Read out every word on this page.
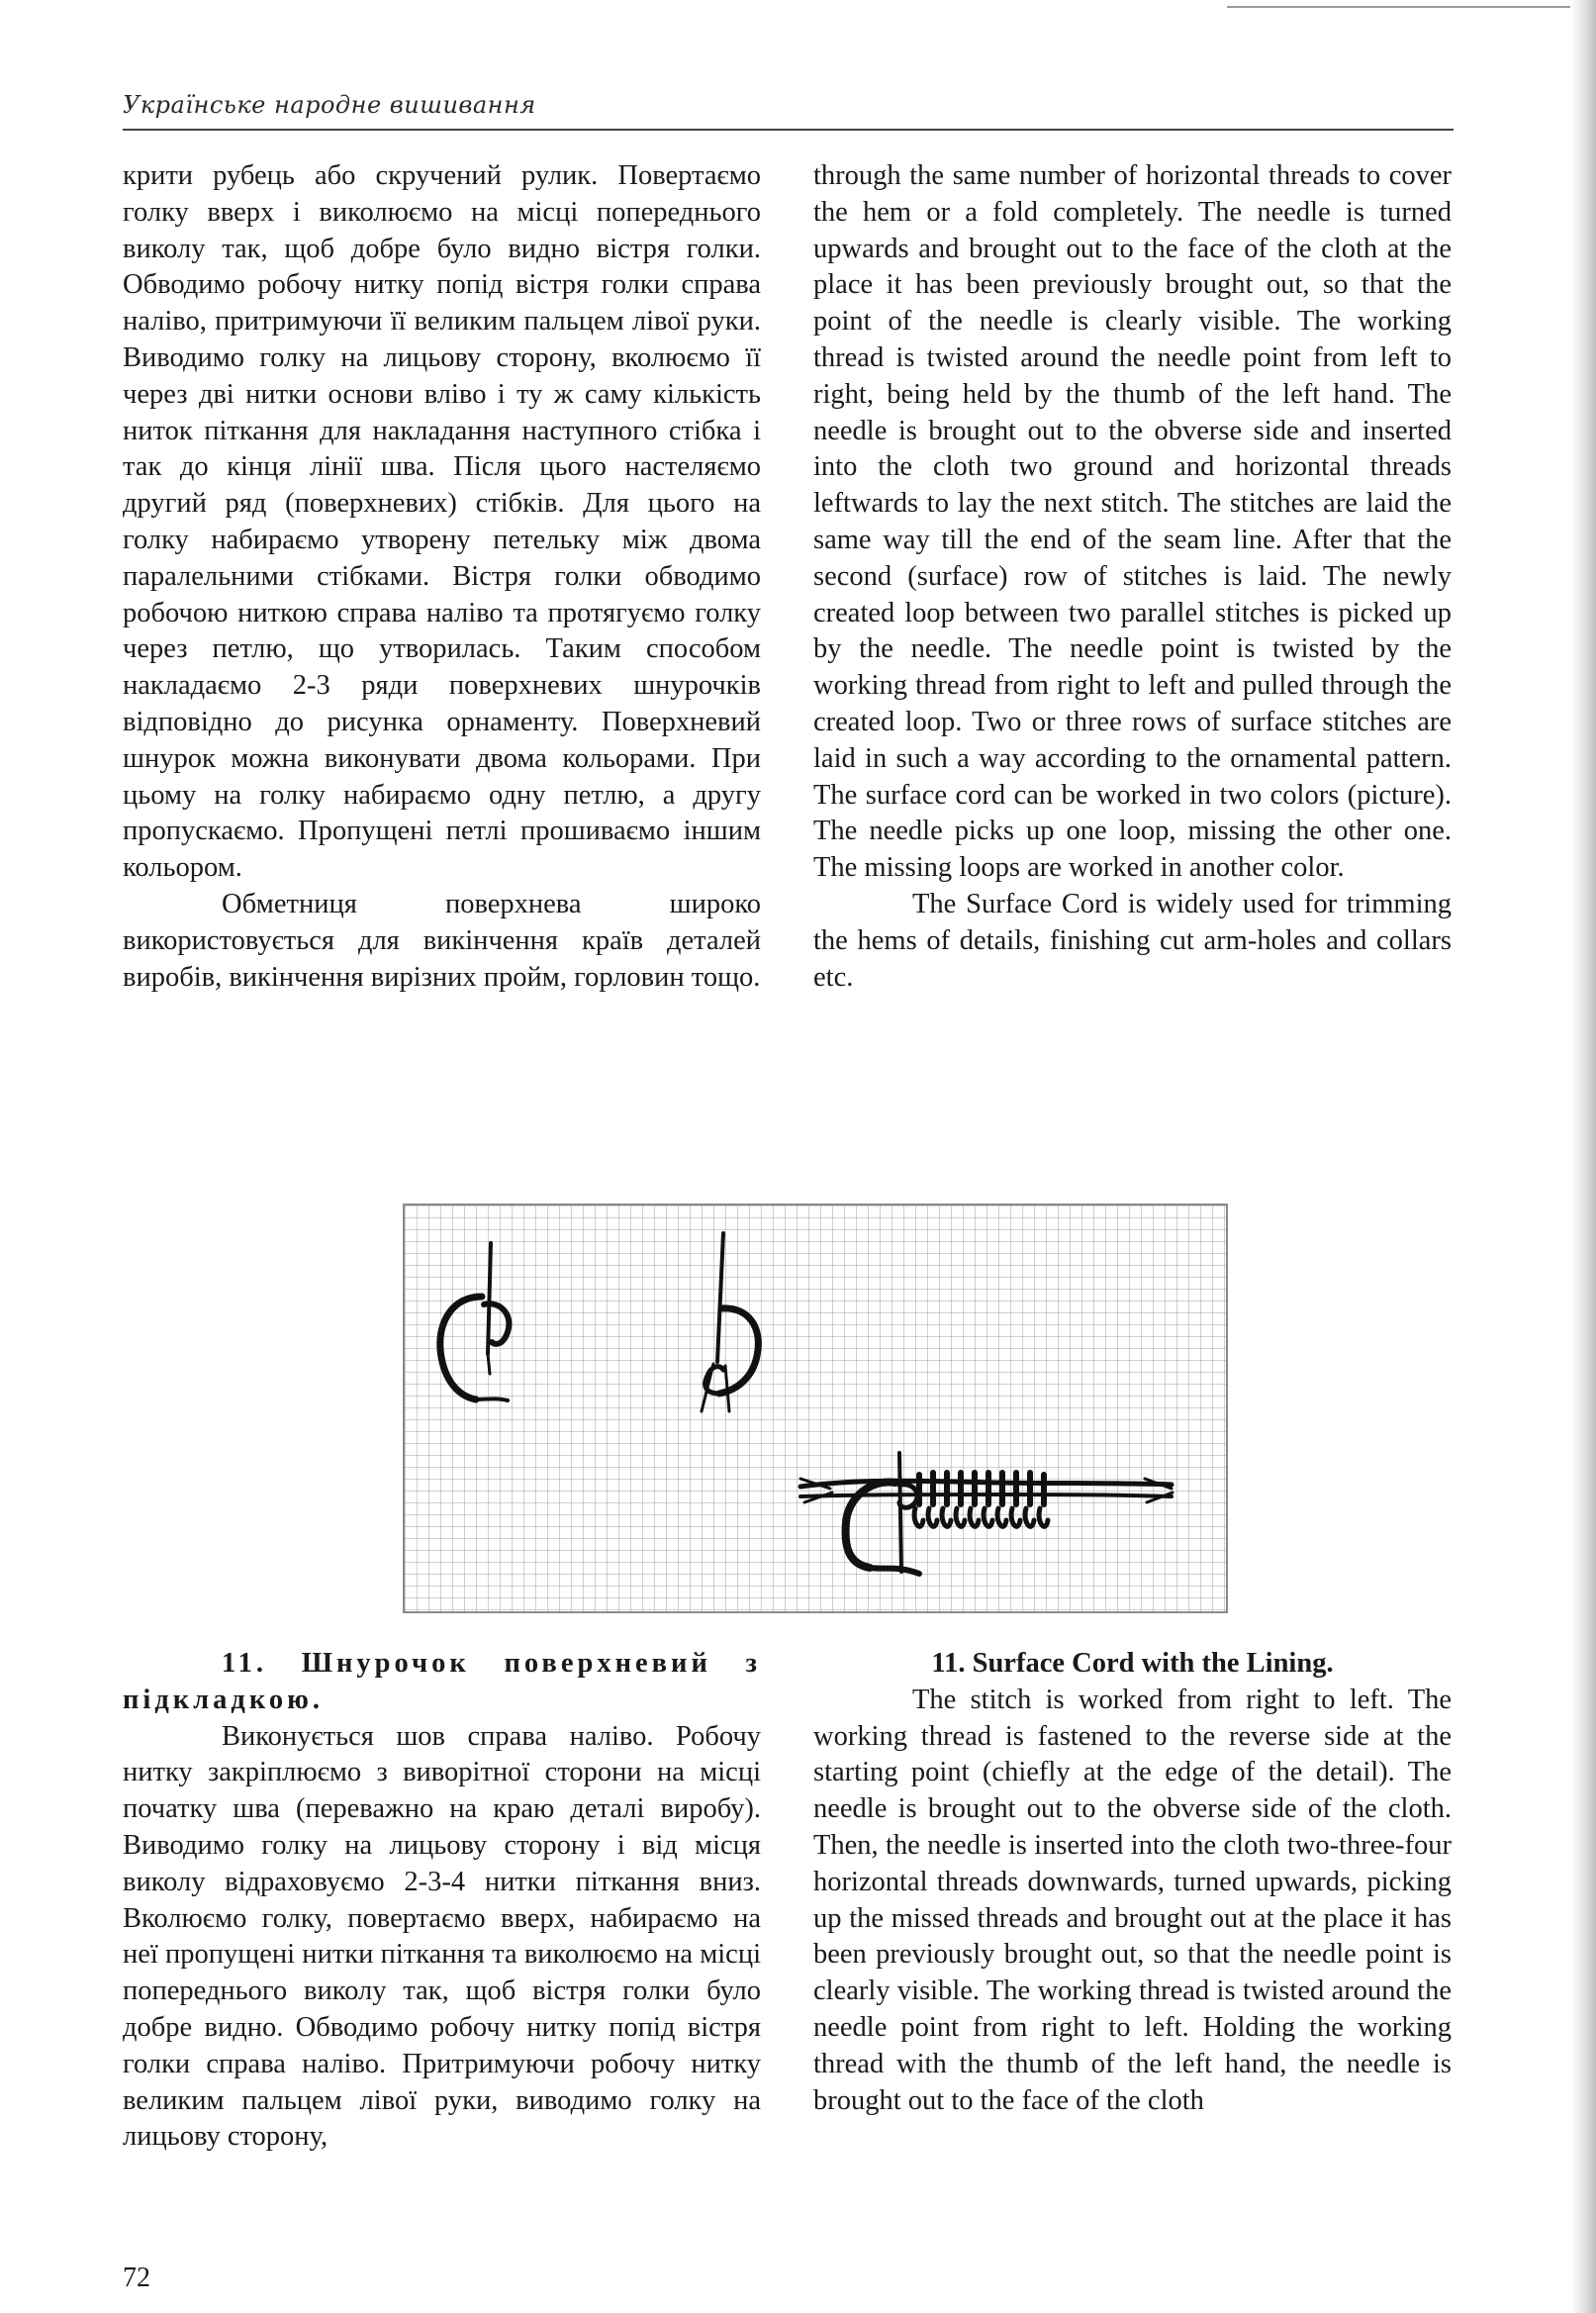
Українське народне вишивання

крити рубець або скручений рулик. Повертаємо голку вверх і виколюємо на місці попереднього виколу так, щоб добре було видно вістря голки. Обводимо робочу нитку попід вістря голки справа наліво, притримуючи її великим пальцем лівої руки. Виводимо голку на лицьову сторону, вколюємо її через дві нитки основи вліво і ту ж саму кількість ниток піткання для накладання наступного стібка і так до кінця лінії шва. Після цього настеляємо другий ряд (поверхневих) стібків. Для цього на голку набираємо утворену петельку між двома паралельними стібками. Вістря голки обводимо робочою ниткою справа наліво та протягуємо голку через петлю, що утворилась. Таким способом накладаємо 2-3 ряди поверхневих шнурочків відповідно до рисунка орнаменту. Поверхневий шнурок можна виконувати двома кольорами. При цьому на голку набираємо одну петлю, а другу пропускаємо. Пропущені петлі прошиваємо іншим кольором.

Обметниця поверхнева широко використовується для викінчення країв деталей виробів, викінчення вирізних пройм, горловин тощо.

through the same number of horizontal threads to cover the hem or a fold completely. The needle is turned upwards and brought out to the face of the cloth at the place it has been previously brought out, so that the point of the needle is clearly visible. The working thread is twisted around the needle point from left to right, being held by the thumb of the left hand. The needle is brought out to the obverse side and inserted into the cloth two ground and horizontal threads leftwards to lay the next stitch. The stitches are laid the same way till the end of the seam line. After that the second (surface) row of stitches is laid. The newly created loop between two parallel stitches is picked up by the needle. The needle point is twisted by the working thread from right to left and pulled through the created loop. Two or three rows of surface stitches are laid in such a way according to the ornamental pattern. The surface cord can be worked in two colors (picture). The needle picks up one loop, missing the other one. The missing loops are worked in another color.

The Surface Cord is widely used for trimming the hems of details, finishing cut arm-holes and collars etc.

11. Шнурочок поверхневий з підкладкою.

Виконується шов справа наліво. Робочу нитку закріплюємо з виворітної сторони на місці початку шва (переважно на краю деталі виробу). Виводимо голку на лицьову сторону і від місця виколу відраховуємо 2-3-4 нитки піткання вниз. Вколюємо голку, повертаємо вверх, набираємо на неї пропущені нитки піткання та виколюємо на місці попереднього виколу так, щоб вістря голки було добре видно. Обводимо робочу нитку попід вістря голки справа наліво. Притримуючи робочу нитку великим пальцем лівої руки, виводимо голку на лицьову сторону,

11. Surface Cord with the Lining.

The stitch is worked from right to left. The working thread is fastened to the reverse side at the starting point (chiefly at the edge of the detail). The needle is brought out to the obverse side of the cloth. Then, the needle is inserted into the cloth two-three-four horizontal threads downwards, turned upwards, picking up the missed threads and brought out at the place it has been previously brought out, so that the needle point is clearly visible. The working thread is twisted around the needle point from right to left. Holding the working thread with the thumb of the left hand, the needle is brought out to the face of the cloth

72
